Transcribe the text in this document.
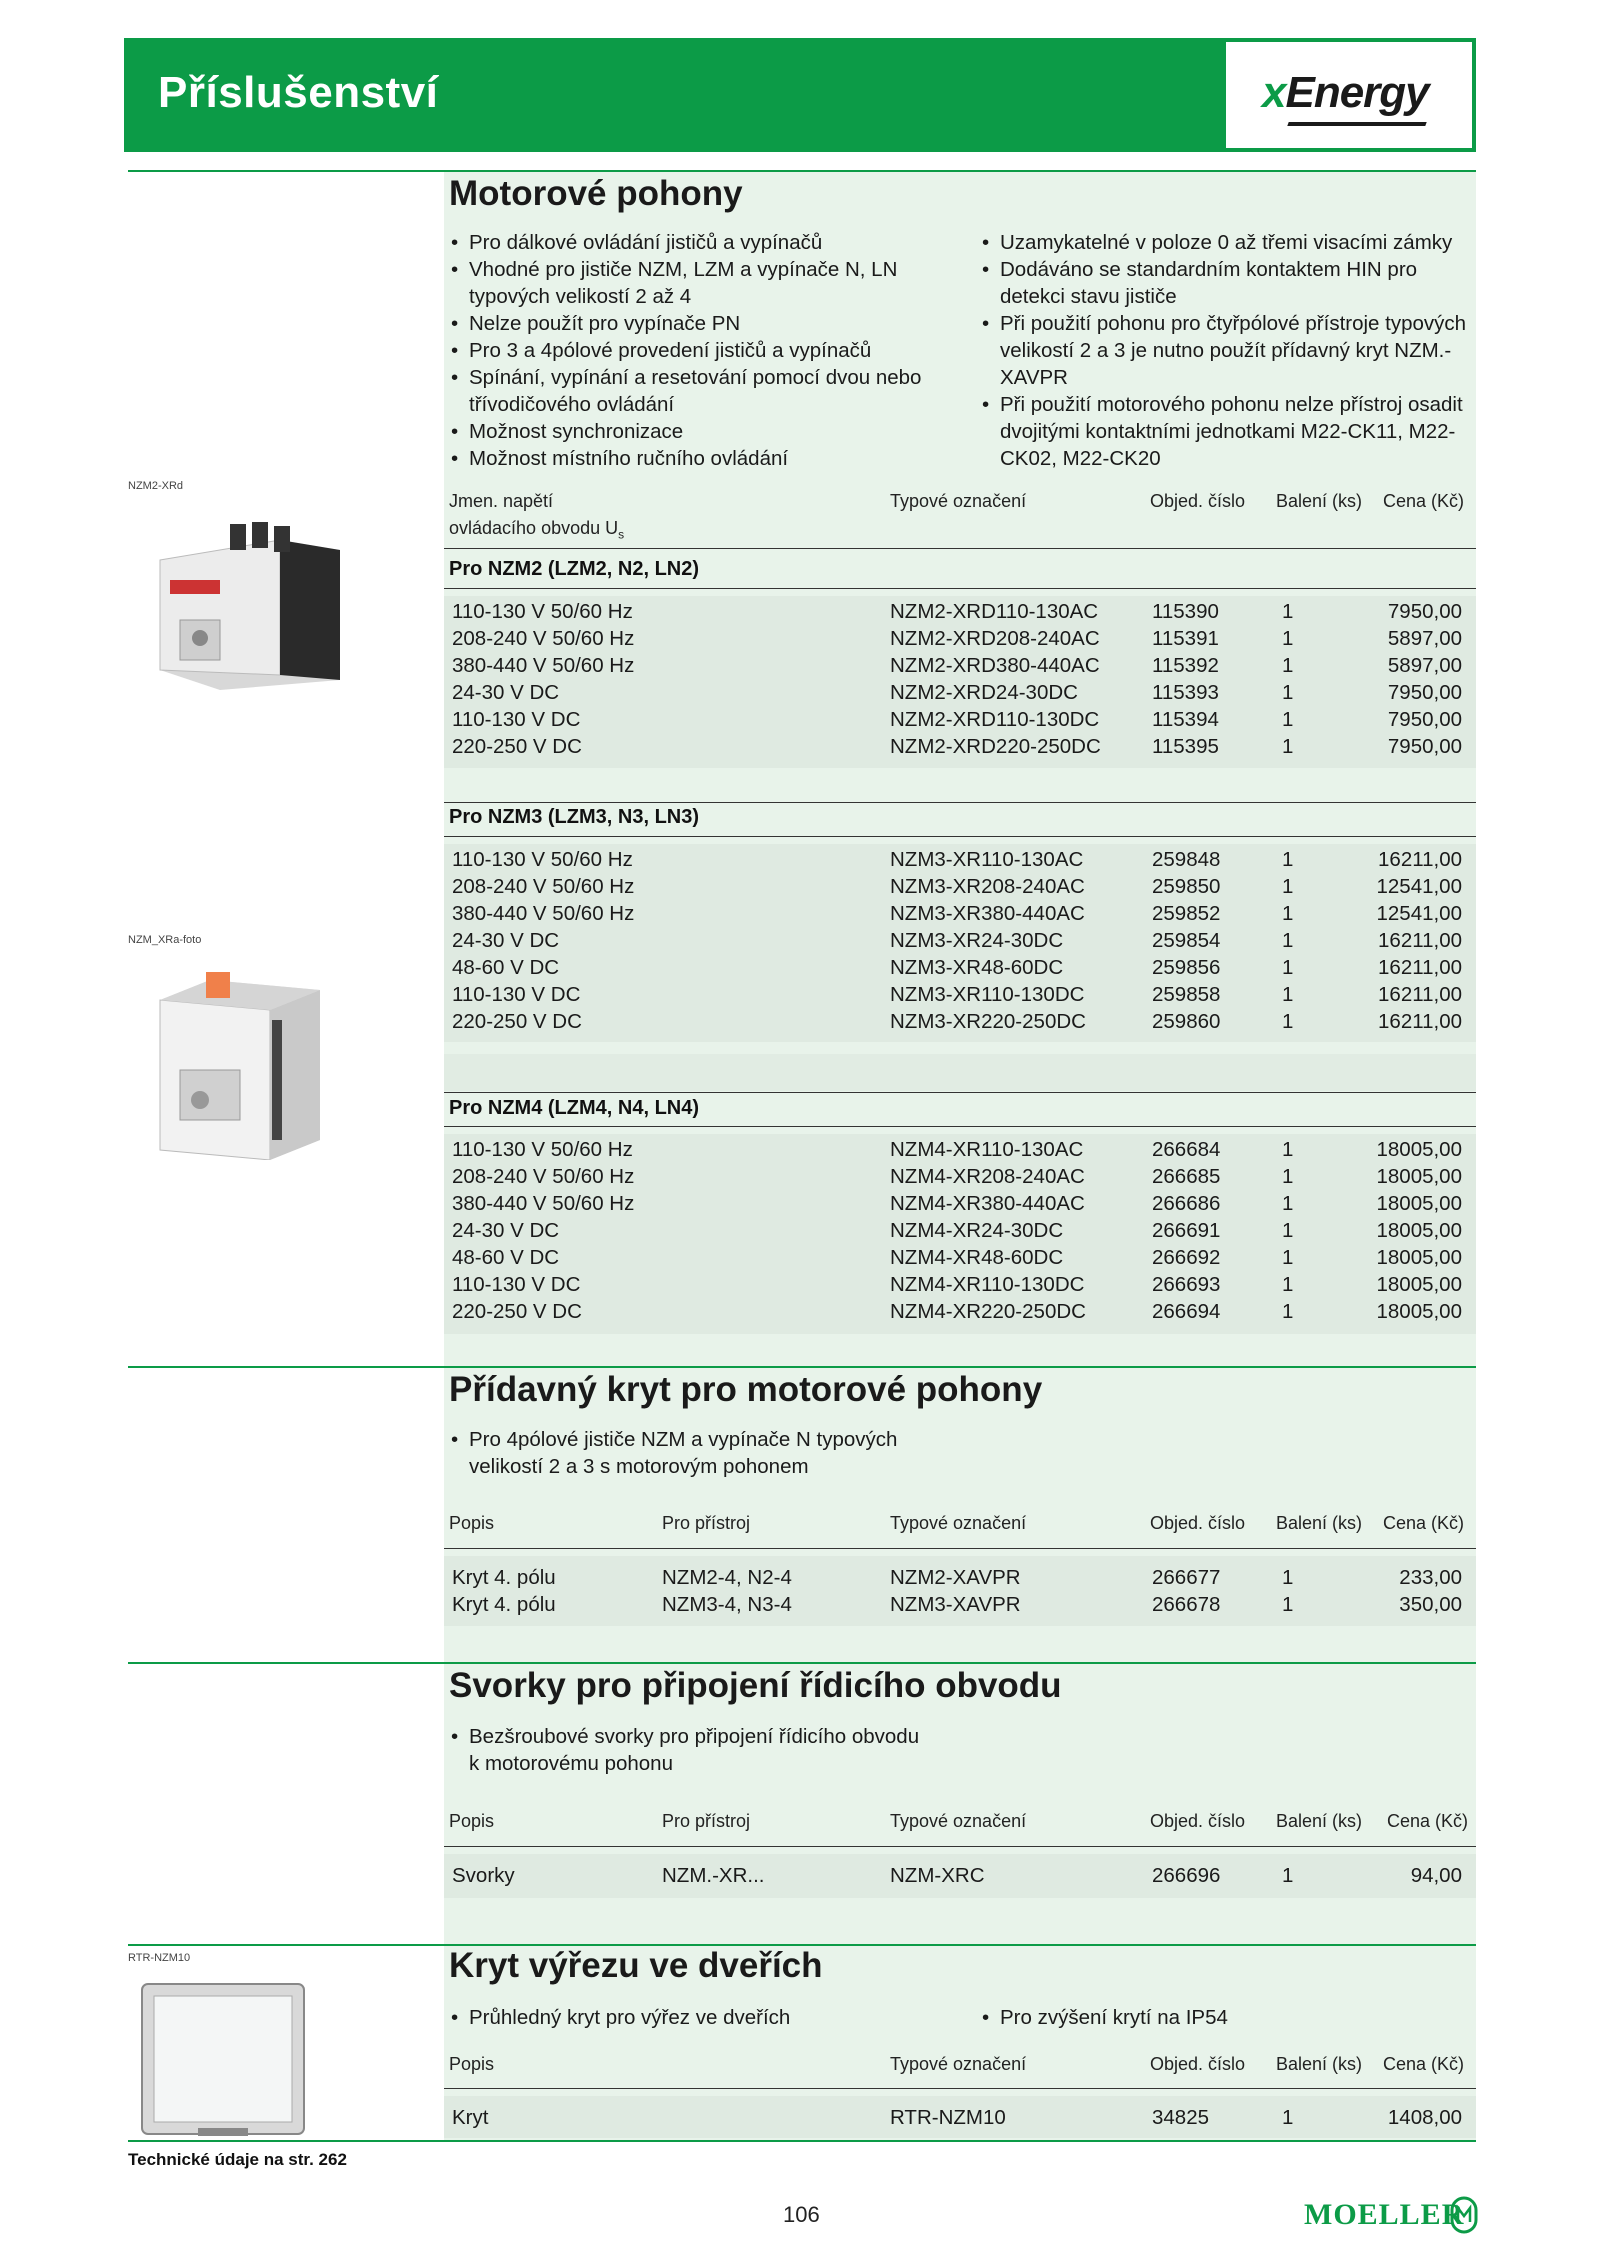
Příslušenství	xEnergy
NZM2-XRd
NZM_XRa-foto
RTR-NZM10
Motorové pohony
• Pro dálkové ovládání jističů a vypínačů
• Vhodné pro jističe NZM, LZM a vypínače N, LN typových velikostí 2 až 4
• Nelze použít pro vypínače PN
• Pro 3 a 4pólové provedení jističů a vypínačů
• Spínání, vypínání a resetování pomocí dvou nebo třívodičového ovládání
• Možnost synchronizace
• Možnost místního ručního ovládání
• Uzamykatelné v poloze 0 až třemi visacími zámky
• Dodáváno se standardním kontaktem HIN pro detekci stavu jističe
• Při použití pohonu pro čtyřpólové přístroje typových velikostí 2 a 3 je nutno použít přídavný kryt NZM.-XAVPR
• Při použití motorového pohonu nelze přístroj osadit dvojitými kontaktními jednotkami M22-CK11, M22-CK02, M22-CK20
Jmen. napětí
ovládacího obvodu $U_s$
Typové označení	Objed. číslo Balení (ks) Cena (Kč)
Pro NZM2 (LZM2, N2, LN2)
110-130 V 50/60 Hz	NZM2-XRD110-130AC	115390	1	7950,00
208-240 V 50/60 Hz	NZM2-XRD208-240AC	115391	1	5897,00
380-440 V 50/60 Hz	NZM2-XRD380-440AC	115392	1	5897,00
24-30 V DC	NZM2-XRD24-30DC	115393	1	7950,00
110-130 V DC	NZM2-XRD110-130DC	115394	1	7950,00
220-250 V DC	NZM2-XRD220-250DC 115395	1	7950,00
Pro NZM3 (LZM3, N3, LN3)
110-130 V 50/60 Hz	NZM3-XR110-130AC	259848	1	16211,00
208-240 V 50/60 Hz	NZM3-XR208-240AC	259850	1	12541,00
380-440 V 50/60 Hz	NZM3-XR380-440AC	259852	1	12541,00
24-30 V DC	NZM3-XR24-30DC	259854	1	16211,00
48-60 V DC	NZM3-XR48-60DC	259856	1	16211,00
110-130 V DC	NZM3-XR110-130DC	259858	1	16211,00
220-250 V DC	NZM3-XR220-250DC	259860	1	16211,00
Pro NZM4 (LZM4, N4, LN4)
110-130 V 50/60 Hz	NZM4-XR110-130AC	266684	1	18005,00
208-240 V 50/60 Hz	NZM4-XR208-240AC	266685	1	18005,00
380-440 V 50/60 Hz	NZM4-XR380-440AC	266686	1	18005,00
24-30 V DC	NZM4-XR24-30DC	266691	1	18005,00
48-60 V DC	NZM4-XR48-60DC	266692	1	18005,00
110-130 V DC	NZM4-XR110-130DC	266693	1	18005,00
220-250 V DC	NZM4-XR220-250DC	266694	1	18005,00
Přídavný kryt pro motorové pohony
• Pro 4pólové jističe NZM a vypínače N typových velikostí 2 a 3 s motorovým pohonem
Popis	Pro přístroj	Typové označení	Objed. číslo Balení (ks) Cena (Kč)
Kryt 4. pólu	NZM2-4, N2-4	NZM2-XAVPR	266677	1	233,00
Kryt 4. pólu	NZM3-4, N3-4	NZM3-XAVPR	266678	1	350,00
Svorky pro připojení řídicího obvodu
• Bezšroubové svorky pro připojení řídicího obvodu k motorovému pohonu
Popis	Pro přístroj	Typové označení	Objed. číslo Balení (ks) Cena (Kč)
Svorky	NZM.-XR...	NZM-XRC	266696	1	94,00
Kryt výřezu ve dveřích
• Průhledný kryt pro výřez ve dveřích
•	Pro zvýšení krytí na IP54
Popis	Typové označení	Objed. číslo Balení (ks) Cena (Kč)
Kryt	RTR-NZM10	34825	1	1408,00
Technické údaje na str. 262
106	MOELLER
